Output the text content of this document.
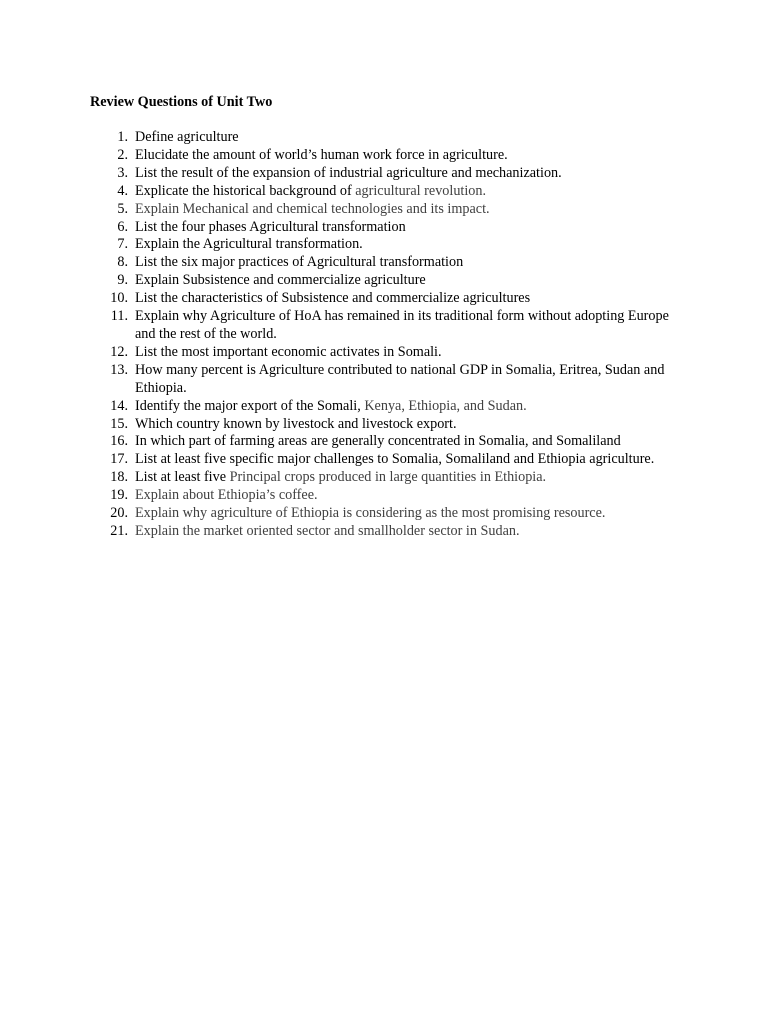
Review Questions of Unit Two
1. Define agriculture
2. Elucidate the amount of world’s human work force in agriculture.
3. List the result of the expansion of industrial agriculture and mechanization.
4. Explicate the historical background of agricultural revolution.
5. Explain Mechanical and chemical technologies and its impact.
6. List the four phases Agricultural transformation
7. Explain the Agricultural transformation.
8. List the six major practices of Agricultural transformation
9. Explain Subsistence and commercialize agriculture
10. List the characteristics of Subsistence and commercialize agricultures
11. Explain why Agriculture of HoA has remained in its traditional form without adopting Europe and the rest of the world.
12. List the most important economic activates in Somali.
13. How many percent is Agriculture contributed to national GDP in Somalia, Eritrea, Sudan and Ethiopia.
14. Identify the major export of the Somali, Kenya, Ethiopia, and Sudan.
15. Which country known by livestock and livestock export.
16. In which part of farming areas are generally concentrated in Somalia, and Somaliland
17. List at least five specific major challenges to Somalia, Somaliland and Ethiopia agriculture.
18. List at least five Principal crops produced in large quantities in Ethiopia.
19. Explain about Ethiopia’s coffee.
20. Explain why agriculture of Ethiopia is considering as the most promising resource.
21. Explain the market oriented sector and smallholder sector in Sudan.
